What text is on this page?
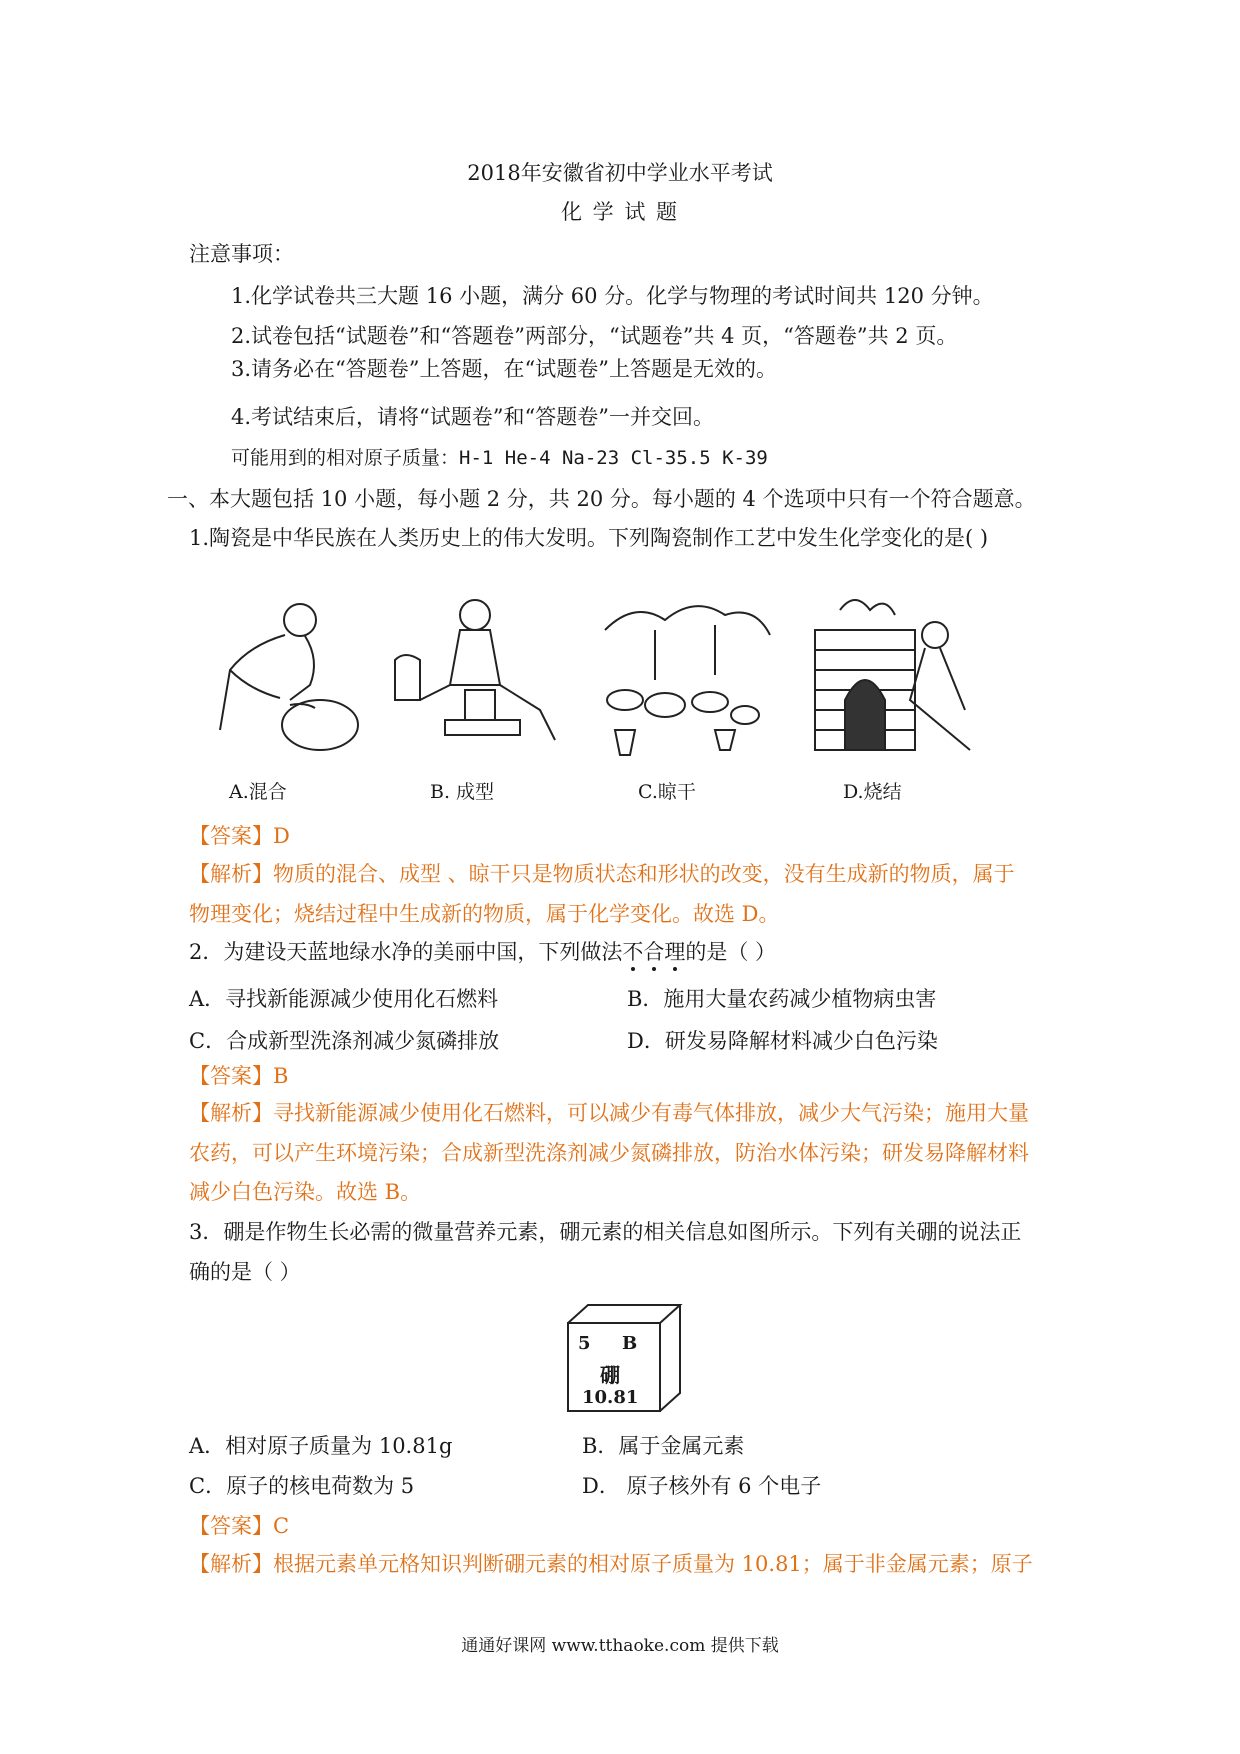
2018年安徽省初中学业水平考试
化 学 试 题
注意事项：
1.化学试卷共三大题 16 小题，满分 60 分。化学与物理的考试时间共 120 分钟。
2.试卷包括“试题卷”和“答题卷”两部分，“试题卷”共 4 页，“答题卷”共 2 页。
3.请务必在“答题卷”上答题，在“试题卷”上答题是无效的。
4.考试结束后，请将“试题卷”和“答题卷”一并交回。
可能用到的相对原子质量：H-1 He-4 Na-23 Cl-35.5 K-39
一、本大题包括 10 小题，每小题 2 分，共 20 分。每小题的 4 个选项中只有一个符合题意。
1.陶瓷是中华民族在人类历史上的伟大发明。下列陶瓷制作工艺中发生化学变化的是( )
A.混合	B. 成型	C.晾干	D.烧结
【答案】D
【解析】物质的混合、成型 、晾干只是物质状态和形状的改变，没有生成新的物质，属于
物理变化；烧结过程中生成新的物质，属于化学变化。故选 D。
2．为建设天蓝地绿水净的美丽中国，下列做法不合理的是（ ）
A．寻找新能源减少使用化石燃料	B．施用大量农药减少植物病虫害
C．合成新型洗涤剂减少氮磷排放	D．研发易降解材料减少白色污染
【答案】B
【解析】寻找新能源减少使用化石燃料，可以减少有毒气体排放，减少大气污染；施用大量
农药，可以产生环境污染；合成新型洗涤剂减少氮磷排放，防治水体污染；研发易降解材料
减少白色污染。故选 B。
3．硼是作物生长必需的微量营养元素，硼元素的相关信息如图所示。下列有关硼的说法正
确的是（ ）
5 B
硼
10.81
A．相对原子质量为 10.81g	B．属于金属元素
C．原子的核电荷数为 5	D． 原子核外有 6 个电子
【答案】C
【解析】根据元素单元格知识判断硼元素的相对原子质量为 10.81；属于非金属元素；原子
通通好课网 www.tthaoke.com 提供下载
